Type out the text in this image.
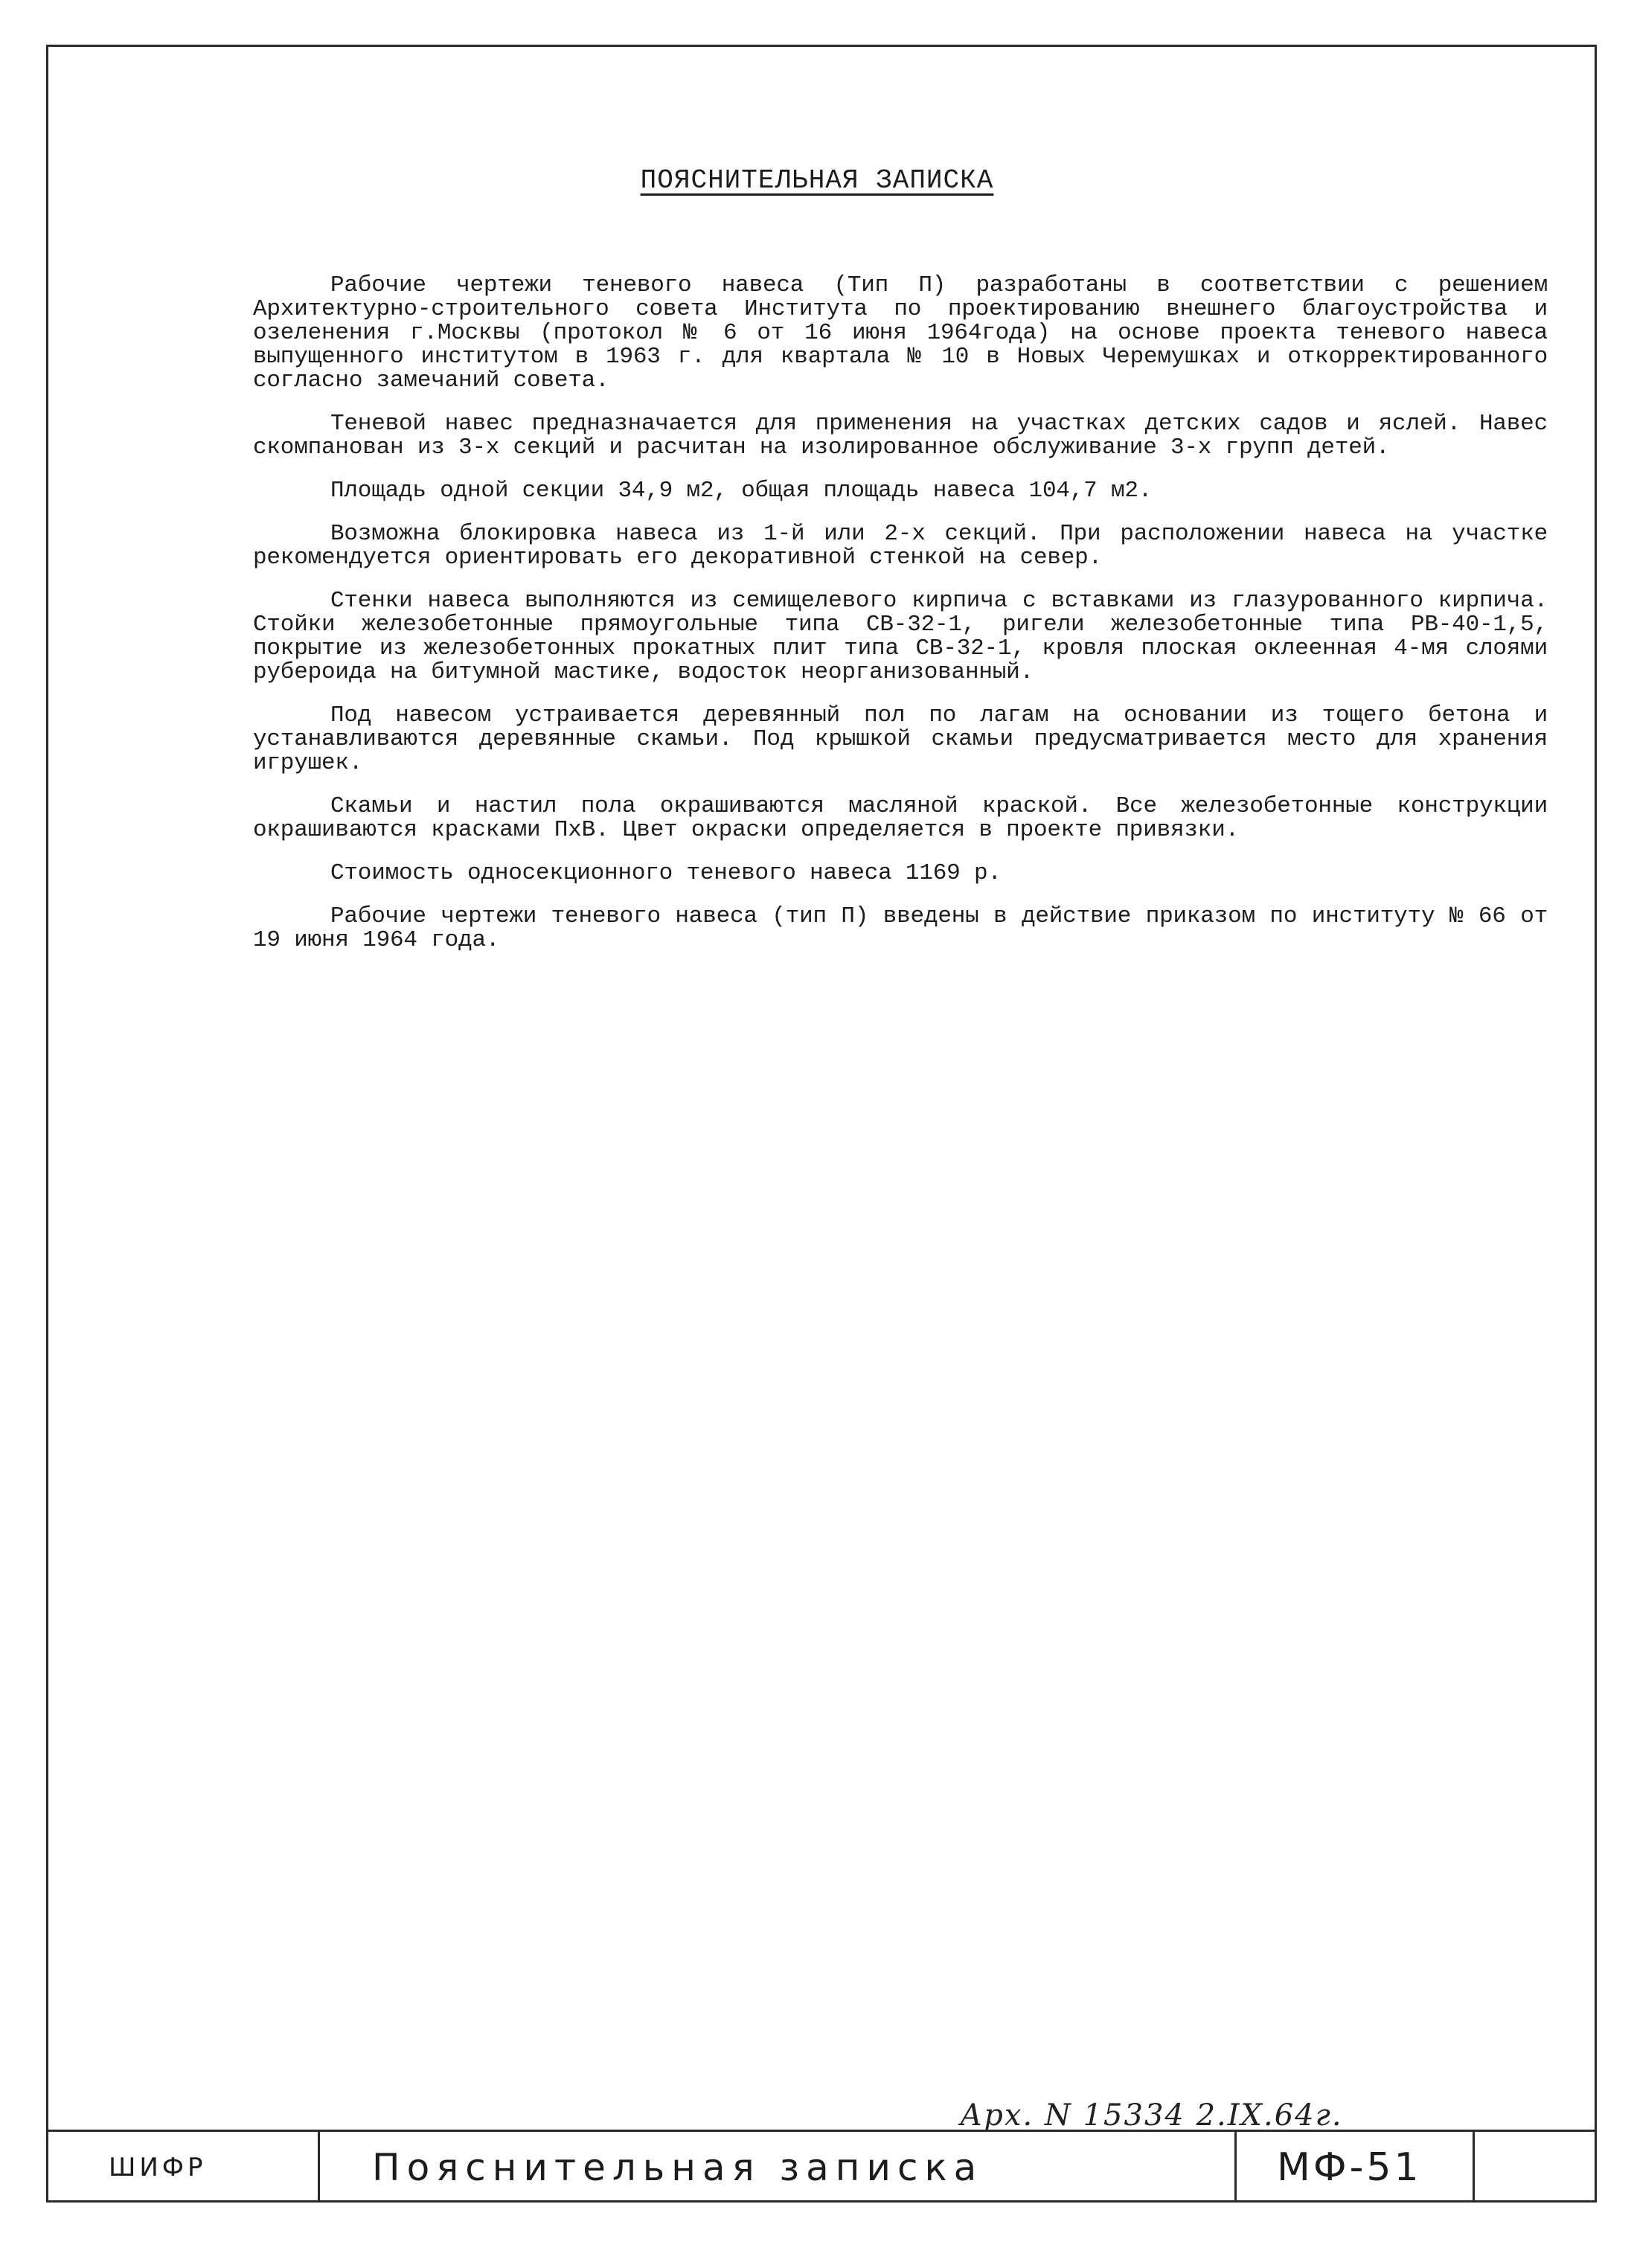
ПОЯСНИТЕЛЬНАЯ ЗАПИСКА

Рабочие чертежи теневого навеса (Тип П) разработаны в соответствии с решением Архитектурно-строительного совета Института по проектированию внешнего благоустройства и озеленения г.Москвы (протокол № 6 от 16 июня 1964года) на основе проекта теневого навеса выпущенного институтом в 1963 г. для квартала № 10 в Новых Черемушках и откорректированного согласно замечаний совета.

Теневой навес предназначается для применения на участках детских садов и яслей. Навес скомпанован из 3-х секций и расчитан на изолированное обслуживание 3-х групп детей.

Площадь одной секции 34,9 м2, общая площадь навеса 104,7 м2.

Возможна блокировка навеса из 1-й или 2-х секций. При расположении навеса на участке рекомендуется ориентировать его декоративной стенкой на север.

Стенки навеса выполняются из семищелевого кирпича с вставками из глазурованного кирпича. Стойки железобетонные прямоугольные типа СВ-32-1, ригели железобетонные типа РВ-40-1,5, покрытие из железобетонных прокатных плит типа СВ-32-1, кровля плоская оклеенная 4-мя слоями рубероида на битумной мастике, водосток неорганизованный.

Под навесом устраивается деревянный пол по лагам на основании из тощего бетона и устанавливаются деревянные скамьи. Под крышкой скамьи предусматривается место для хранения игрушек.

Скамьи и настил пола окрашиваются масляной краской. Все железобетонные конструкции окрашиваются красками ПхВ. Цвет окраски определяется в проекте привязки.

Стоимость односекционного теневого навеса 1169 р.

Рабочие чертежи теневого навеса (тип П) введены в действие приказом по институту № 66 от 19 июня 1964 года.

Арх. N 15334 2.IX.64г.
ШИФР	Пояснительная записка	МФ-51
